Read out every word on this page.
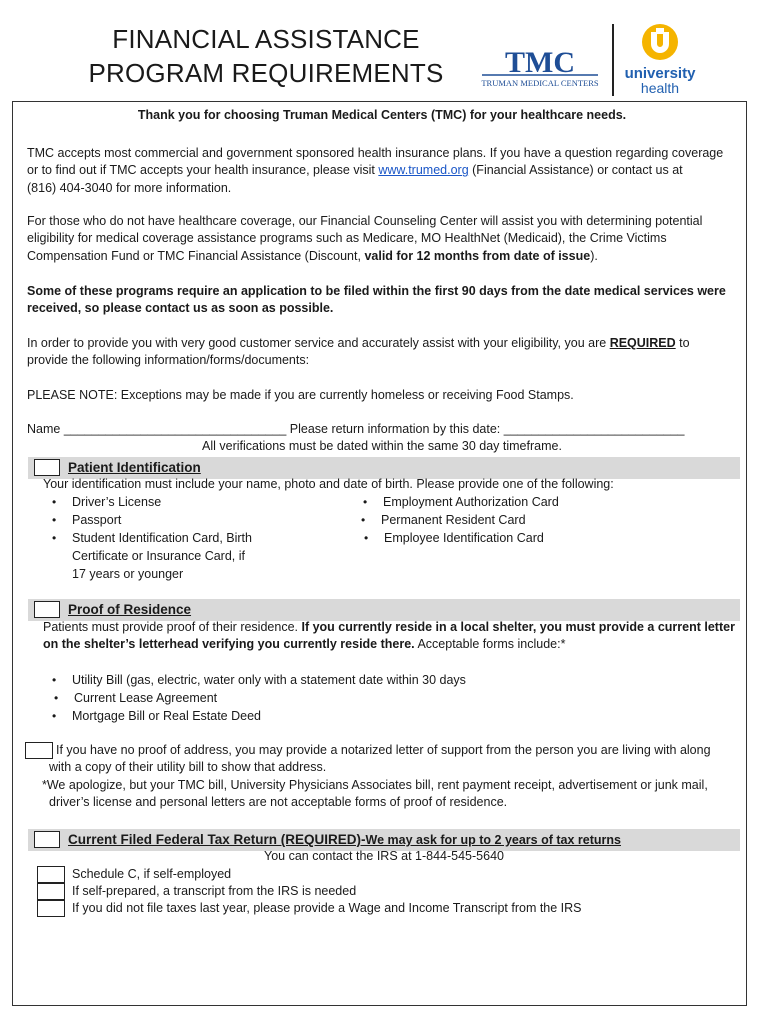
FINANCIAL ASSISTANCE
PROGRAM REQUIREMENTS TMC
TRUMAN MEDICAL CENTERS
university
health
Thank you for choosing Truman Medical Centers (TMC) for your healthcare needs.
TMC accepts most commercial and government sponsored health insurance plans. If you have a question regarding coverage
or to find out if TMC accepts your health insurance, please visit www.trumed.org (Financial Assistance) or contact us at
(816) 404-3040 for more information.
For those who do not have healthcare coverage, our Financial Counseling Center will assist you with determining potential
eligibility for medical coverage assistance programs such as Medicare, MO HealthNet (Medicaid), the Crime Victims
Compensation Fund or TMC Financial Assistance (Discount, valid for 12 months from date of issue).
Some of these programs require an application to be filed within the first 90 days from the date medical services were
received, so please contact us as soon as possible.
In order to provide you with very good customer service and accurately assist with your eligibility, you are REQUIRED to
provide the following information/forms/documents:
PLEASE NOTE: Exceptions may be made if you are currently homeless or receiving Food Stamps.
Name ________________________________ Please return information by this date: __________________________
All verifications must be dated within the same 30 day timeframe.
Patient Identification
Your identification must include your name, photo and date of birth. Please provide one of the following:
• Driver’s License
• Passport
• Student Identification Card, Birth
Certificate or Insurance Card, if
17 years or younger
• Employment Authorization Card
• Permanent Resident Card
• Employee Identification Card
Proof of Residence
Patients must provide proof of their residence. If you currently reside in a local shelter, you must provide a current letter
on the shelter’s letterhead verifying you currently reside there. Acceptable forms include:*
• Utility Bill (gas, electric, water only with a statement date within 30 days
• Current Lease Agreement
• Mortgage Bill or Real Estate Deed
If you have no proof of address, you may provide a notarized letter of support from the person you are living with along
with a copy of their utility bill to show that address.
*We apologize, but your TMC bill, University Physicians Associates bill, rent payment receipt, advertisement or junk mail,
driver’s license and personal letters are not acceptable forms of proof of residence.
Current Filed Federal Tax Return (REQUIRED)-We may ask for up to 2 years of tax returns
You can contact the IRS at 1-844-545-5640
Schedule C, if self-employed
If self-prepared, a transcript from the IRS is needed
If you did not file taxes last year, please provide a Wage and Income Transcript from the IRS
